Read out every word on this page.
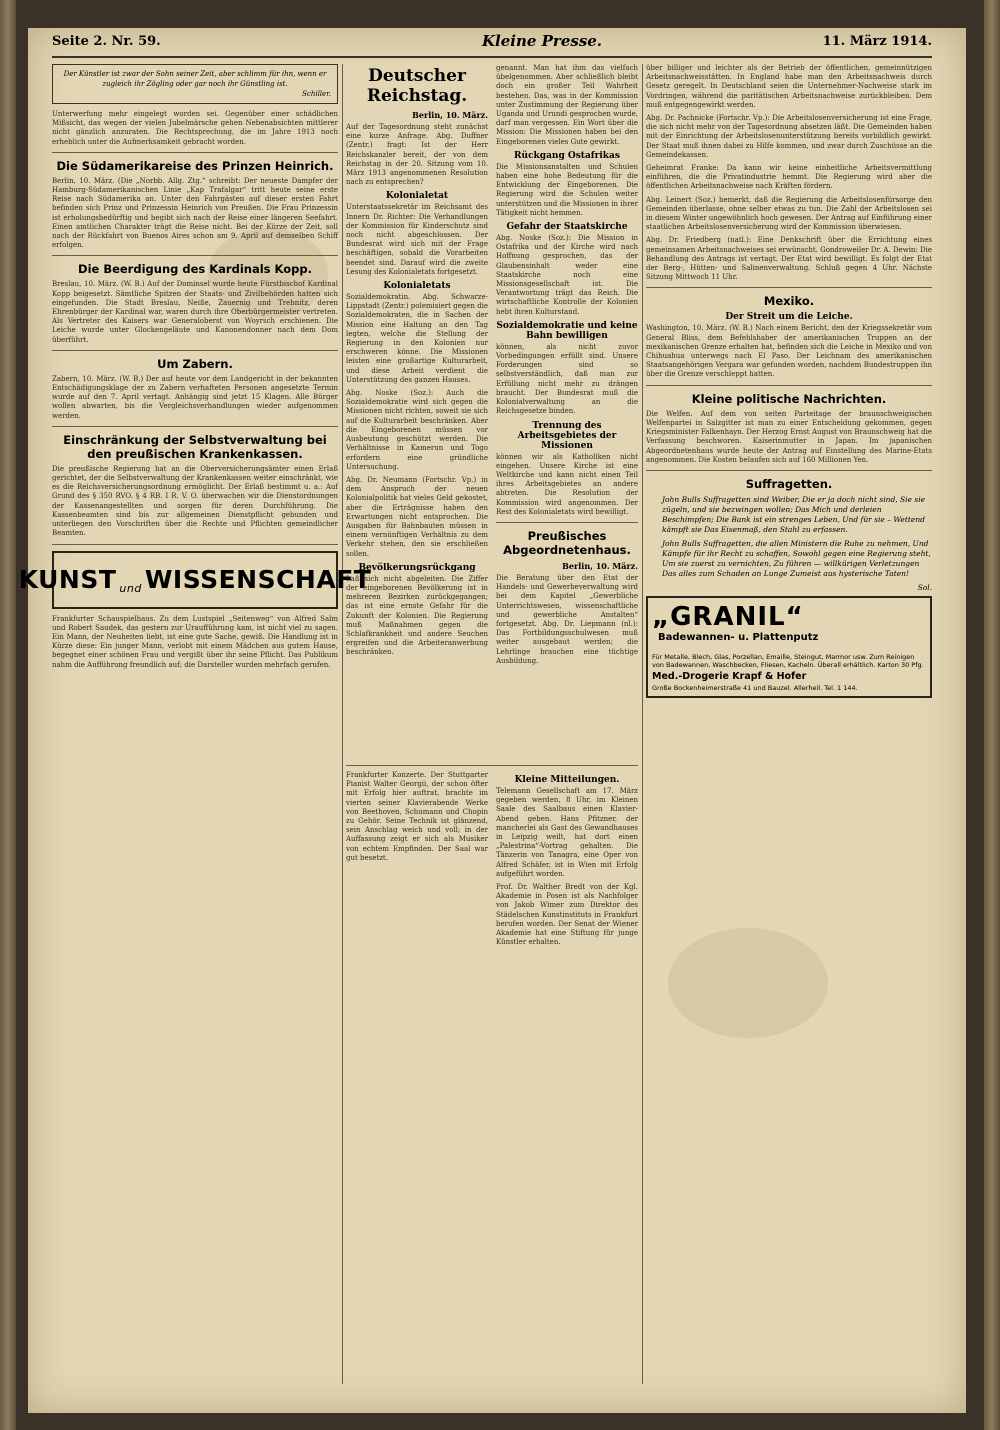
Seite 2. Nr. 59.	Kleine Presse.	11. März 1914.
Der Künstler ist zwar der Sohn seiner Zeit, aber schlimm für ihn, wenn er zugleich ihr Zögling oder gar noch ihr Günstling ist.
Schiller.

Unterwerfung mehr eingelegt worden sei. Gegenüber einer schädlichen Mißsicht, das wegen der vielen Jubelmärsche gehen Nebenabsichten mittlerer nicht gänzlich anzuraten. Die Rechtsprechung, die im Jahre 1913 noch erheblich unter die Aufmerksamkeit gebracht worden.

Die Südamerikareise des Prinzen Heinrich.

Berlin, 10. März. (Die „Norbb. Allg. Ztg.“ schreibt: Der neueste Dampfer der Hamburg-Südamerikanischen Linie „Kap Trafalgar“ tritt heute seine erste Reise nach Südamerika an. Unter den Fahrgästen auf dieser ersten Fahrt befinden sich Prinz und Prinzessin Heinrich von Preußen. Die Frau Prinzessin ist erholungsbedürftig und begibt sich nach der Reise einer längeren Seefahrt. Einen amtlichen Charakter trägt die Reise nicht. Bei der Kürze der Zeit, soll nach der Rückfahrt von Buenos Aires schon am 9. April auf demselben Schiff erfolgen.

Die Beerdigung des Kardinals Kopp.

Breslau, 10. März. (W. B.) Auf der Dominsel wurde heute Fürstbischof Kardinal Kopp beigesetzt. Sämtliche Spitzen der Staats- und Zivilbehörden hatten sich eingefunden. Die Stadt Breslau, Neiße, Zauernig und Trebnitz, deren Ehrenbürger der Kardinal war, waren durch ihre Oberbürgermeister vertreten. Als Vertreter des Kaisers war Generaloberst von Woyrsch erschienen. Die Leiche wurde unter Glockengeläute und Kanonendonner nach dem Dom überführt.

Um Zabern.

Zabern, 10. März. (W. B.) Der auf heute vor dem Landgericht in der bekannten Entschädigungsklage der zu Zabern verhafteten Personen angesetzte Termin wurde auf den 7. April vertagt. Anhängig sind jetzt 15 Klagen. Alle Bürger wollen abwarten, bis die Vergleichsverhandlungen wieder aufgenommen werden.

Einschränkung der Selbstverwaltung bei den preußischen Krankenkassen.

Die preußische Regierung hat an die Oberversicherungsämter einen Erlaß gerichtet, der die Selbstverwaltung der Krankenkassen weiter einschränkt, wie es die Reichsversicherungsordnung ermöglicht. Der Erlaß bestimmt u. a.: Auf Grund des § 350 RVO. § 4 RB. I R. V. O. überwachen wir die Dienstordnungen der Kassenangestellten und sorgen für deren Durchführung. Die Kassenbeamten sind bis zur allgemeinen Dienstpflicht gebunden und unterliegen den Vorschriften über die Rechte und Pflichten gemeindlicher Beamten.

KUNST und WISSENSCHAFT

Frankfurter Schauspielhaus. Zu dem Lustspiel „Seitenweg“ von Alfred Salm und Robert Saudek, das gestern zur Uraufführung kam, ist nicht viel zu sagen. Ein Mann, der Neuheiten liebt, ist eine gute Sache, gewiß. Die Handlung ist in Kürze diese: Ein junger Mann, verlobt mit einem Mädchen aus gutem Hause, begegnet einer schönen Frau und vergißt über ihr seine Pflicht. Das Publikum nahm die Aufführung freundlich auf; die Darsteller wurden mehrfach gerufen.

Deutscher Reichstag.
Berlin, 10. März.

Auf der Tagesordnung steht zunächst eine kurze Anfrage. Abg. Duffner (Zentr.) fragt: Ist der Herr Reichskanzler bereit, der von dem Reichstag in der 20. Sitzung vom 10. März 1913 angenommenen Resolution nach zu entsprechen?

Kolonialetat

Unterstaatssekretär im Reichsamt des Innern Dr. Richter: Die Verhandlungen der Kommission für Kinderschutz sind noch nicht abgeschlossen. Der Bundesrat wird sich mit der Frage beschäftigen, sobald die Vorarbeiten beendet sind. Darauf wird die zweite Lesung des Kolonialetats fortgesetzt.

Kolonialetats

Sozialdemokratin. Abg. Schwarze-Lippstadt (Zentr.) polemisiert gegen die Sozialdemokraten, die in Sachen der Mission eine Haltung an den Tag legten, welche die Stellung der Regierung in den Kolonien nur erschweren könne. Die Missionen leisten eine großartige Kulturarbeit, und diese Arbeit verdient die Unterstützung des ganzen Hauses.

Abg. Noske (Soz.): Auch die Sozialdemokratie wird sich gegen die Missionen nicht richten, soweit sie sich auf die Kulturarbeit beschränken. Aber die Eingeborenen müssen vor Ausbeutung geschützt werden. Die Verhältnisse in Kamerun und Togo erfordern eine gründliche Untersuchung.

Abg. Dr. Neumann (Fortschr. Vp.) in dem Anspruch der neuen Kolonialpolitik hat vieles Geld gekostet, aber die Erträgnisse haben den Erwartungen nicht entsprochen. Die Ausgaben für Bahnbauten müssen in einem vernünftigen Verhältnis zu dem Verkehr stehen, den sie erschließen sollen.

Bevölkerungsrückgang

Laß sich nicht abgeleiten. Die Ziffer der eingeborenen Bevölkerung ist in mehreren Bezirken zurückgegangen; das ist eine ernste Gefahr für die Zukunft der Kolonien. Die Regierung muß Maßnahmen gegen die Schlafkrankheit und andere Seuchen ergreifen und die Arbeiteranwerbung beschränken.

genannt. Man hat ihm das vielfach übelgenommen. Aber schließlich bleibt doch ein großer Teil Wahrheit bestehen. Das, was in der Kommission unter Zustimmung der Regierung über Uganda und Urundi gesprochen wurde, darf man vergessen. Ein Wort über die Mission: Die Missionen haben bei den Eingeborenen vieles Gute gewirkt.

Rückgang Ostafrikas

Die Missionsanstalten und Schulen haben eine hohe Bedeutung für die Entwicklung der Eingeborenen. Die Regierung wird die Schulen weiter unterstützen und die Missionen in ihrer Tätigkeit nicht hemmen.

Gefahr der Staatskirche

Abg. Noske (Soz.): Die Mission in Ostafrika und der Kirche wird nach Hoffnung gesprochen, das der Glaubensinhalt weder eine Staatskirche noch eine Missionsgesellschaft ist. Die Verantwortung trägt das Reich. Die wirtschaftliche Kontrolle der Kolonien hebt ihren Kulturstand.

Sozialdemokratie und keine Bahn bewilligen

können, als nicht zuvor Vorbedingungen erfüllt sind. Unsere Forderungen sind so selbstverständlich, daß man zur Erfüllung nicht mehr zu drängen braucht. Der Bundesrat muß die Kolonialverwaltung an die Reichsgesetze binden.

Trennung des Arbeitsgebietes der Missionen

können wir als Katholiken nicht eingehen. Unsere Kirche ist eine Weltkirche und kann nicht einen Teil ihres Arbeitsgebietes an andere abtreten. Die Resolution der Kommission wird angenommen. Der Rest des Kolonialetats wird bewilligt.

Preußisches Abgeordnetenhaus.
Berlin, 10. März.

Die Beratung über den Etat der Handels- und Gewerbeverwaltung wird bei dem Kapitel „Gewerbliche Unterrichtswesen, wissenschaftliche und gewerbliche Anstalten“ fortgesetzt. Abg. Dr. Liepmann (nl.): Das Fortbildungsschulwesen muß weiter ausgebaut werden; die Lehrlinge brauchen eine tüchtige Ausbildung.

Frankfurter Konzerte. Der Stuttgarter Pianist Walter Georgii, der schon öfter mit Erfolg hier auftrat, brachte im vierten seiner Klavierabende Werke von Beethoven, Schumann und Chopin zu Gehör. Seine Technik ist glänzend, sein Anschlag weich und voll; in der Auffassung zeigt er sich als Musiker von echtem Empfinden. Der Saal war gut besetzt.

Kleine Mitteilungen.

Telemann Gesellschaft am 17. März gegeben werden, 8 Uhr, im Kleinen Saale des Saalbaus einen Klavier-Abend geben. Hans Pfitzner, der mancherlei als Gast des Gewandhauses in Leipzig weilt, hat dort einen „Palestrina“-Vortrag gehalten. Die Tänzerin von Tanagra, eine Oper von Alfred Schäfer, ist in Wien mit Erfolg aufgeführt worden.

Prof. Dr. Walther Bredt von der Kgl. Akademie in Posen ist als Nachfolger von Jakob Wimer zum Direktor des Städelschen Kunstinstituts in Frankfurt berufen worden. Der Senat der Wiener Akademie hat eine Stiftung für junge Künstler erhalten.

über billiger und leichter als der Betrieb der öffentlichen, gemeinnützigen Arbeitsnachweisstätten. In England habe man den Arbeitsnachweis durch Gesetz geregelt. In Deutschland seien die Unternehmer-Nachweise stark im Vordringen, während die paritätischen Arbeitsnachweise zurückbleiben. Dem muß entgegengewirkt werden.

Abg. Dr. Pachnicke (Fortschr. Vp.): Die Arbeitslosenversicherung ist eine Frage, die sich nicht mehr von der Tagesordnung absetzen läßt. Die Gemeinden haben mit der Einrichtung der Arbeitslosenunterstützung bereits vorbildlich gewirkt. Der Staat muß ihnen dabei zu Hilfe kommen, und zwar durch Zuschüsse an die Gemeindekassen.

Geheimrat Franke: Da kann wir keine einheitliche Arbeitsvermittlung einführen, die die Privatindustrie hemmt. Die Regierung wird aber die öffentlichen Arbeitsnachweise nach Kräften fördern.

Abg. Leinert (Soz.) bemerkt, daß die Regierung die Arbeitslosenfürsorge den Gemeinden überlasse, ohne selber etwas zu tun. Die Zahl der Arbeitslosen sei in diesem Winter ungewöhnlich hoch gewesen. Der Antrag auf Einführung einer staatlichen Arbeitslosenversicherung wird der Kommission überwiesen.

Abg. Dr. Friedberg (natl.): Eine Denkschrift über die Errichtung eines gemeinsamen Arbeitsnachweises sei erwünscht. Gondroweiler Dr. A. Dewin: Die Behandlung des Antrags ist vertagt. Der Etat wird bewilligt. Es folgt der Etat der Berg-, Hütten- und Salinenverwaltung. Schluß gegen 4 Uhr. Nächste Sitzung Mittwoch 11 Uhr.

Mexiko.
Der Streit um die Leiche.

Washington, 10. März. (W. B.) Nach einem Bericht, den der Kriegssekretär vom General Bliss, dem Befehlshaber der amerikanischen Truppen an der mexikanischen Grenze erhalten hat, befinden sich die Leiche in Mexiko und von Chihuahua unterwegs nach El Paso. Der Leichnam des amerikanischen Staatsangehörigen Vergara war gefunden worden, nachdem Bundestruppen ihn über die Grenze verschleppt hatten.

Kleine politische Nachrichten.

Die Welfen. Auf dem von seiten Parteitage der braunschweigischen Welfenpartei in Salzgitter ist man zu einer Entscheidung gekommen, gegen Kriegsminister Falkenhayn. Der Herzog Ernst August von Braunschweig hat die Verfassung beschworen. Kaiserinmutter in Japan. Im japanischen Abgeordnetenhaus wurde heute der Antrag auf Einstellung des Marine-Etats angenommen. Die Kosten belaufen sich auf 160 Millionen Yen.

Suffragetten.

John Bulls Suffragetten sind Weiber, Die er ja doch nicht sind, Sie sie zügeln, und sie bezwingen wollen; Das Mich und derleien Beschimpfen; Die Bank ist ein strenges Leben, Und für sie – Wettend kämpft sie Das Eisenmaß, den Stahl zu erfassen.

John Bulls Suffragetten, die allen Ministern die Ruhe zu nehmen, Und Kämpfe für ihr Recht zu schaffen, Sowohl gegen eine Regierung steht, Um sie zuerst zu vernichten, Zu führen — willkürigen Verletzungen Das alles zum Schaden an Lunge Zumeist aus hysterische Taten!

Sol.
„GRANIL“ Badewannen- u. Plattenputz
Für Metalle, Blech, Glas, Porzellan, Emaille, Steingut, Marmor usw. Zum Reinigen von Badewannen, Waschbecken, Fliesen, Kacheln. Überall erhältlich. Karton 30 Pfg.
Med.-Drogerie Krapf & Hofer
Große Bockenheimerstraße 41 und Bauzel. Allerheil. Tel. 1 144.
